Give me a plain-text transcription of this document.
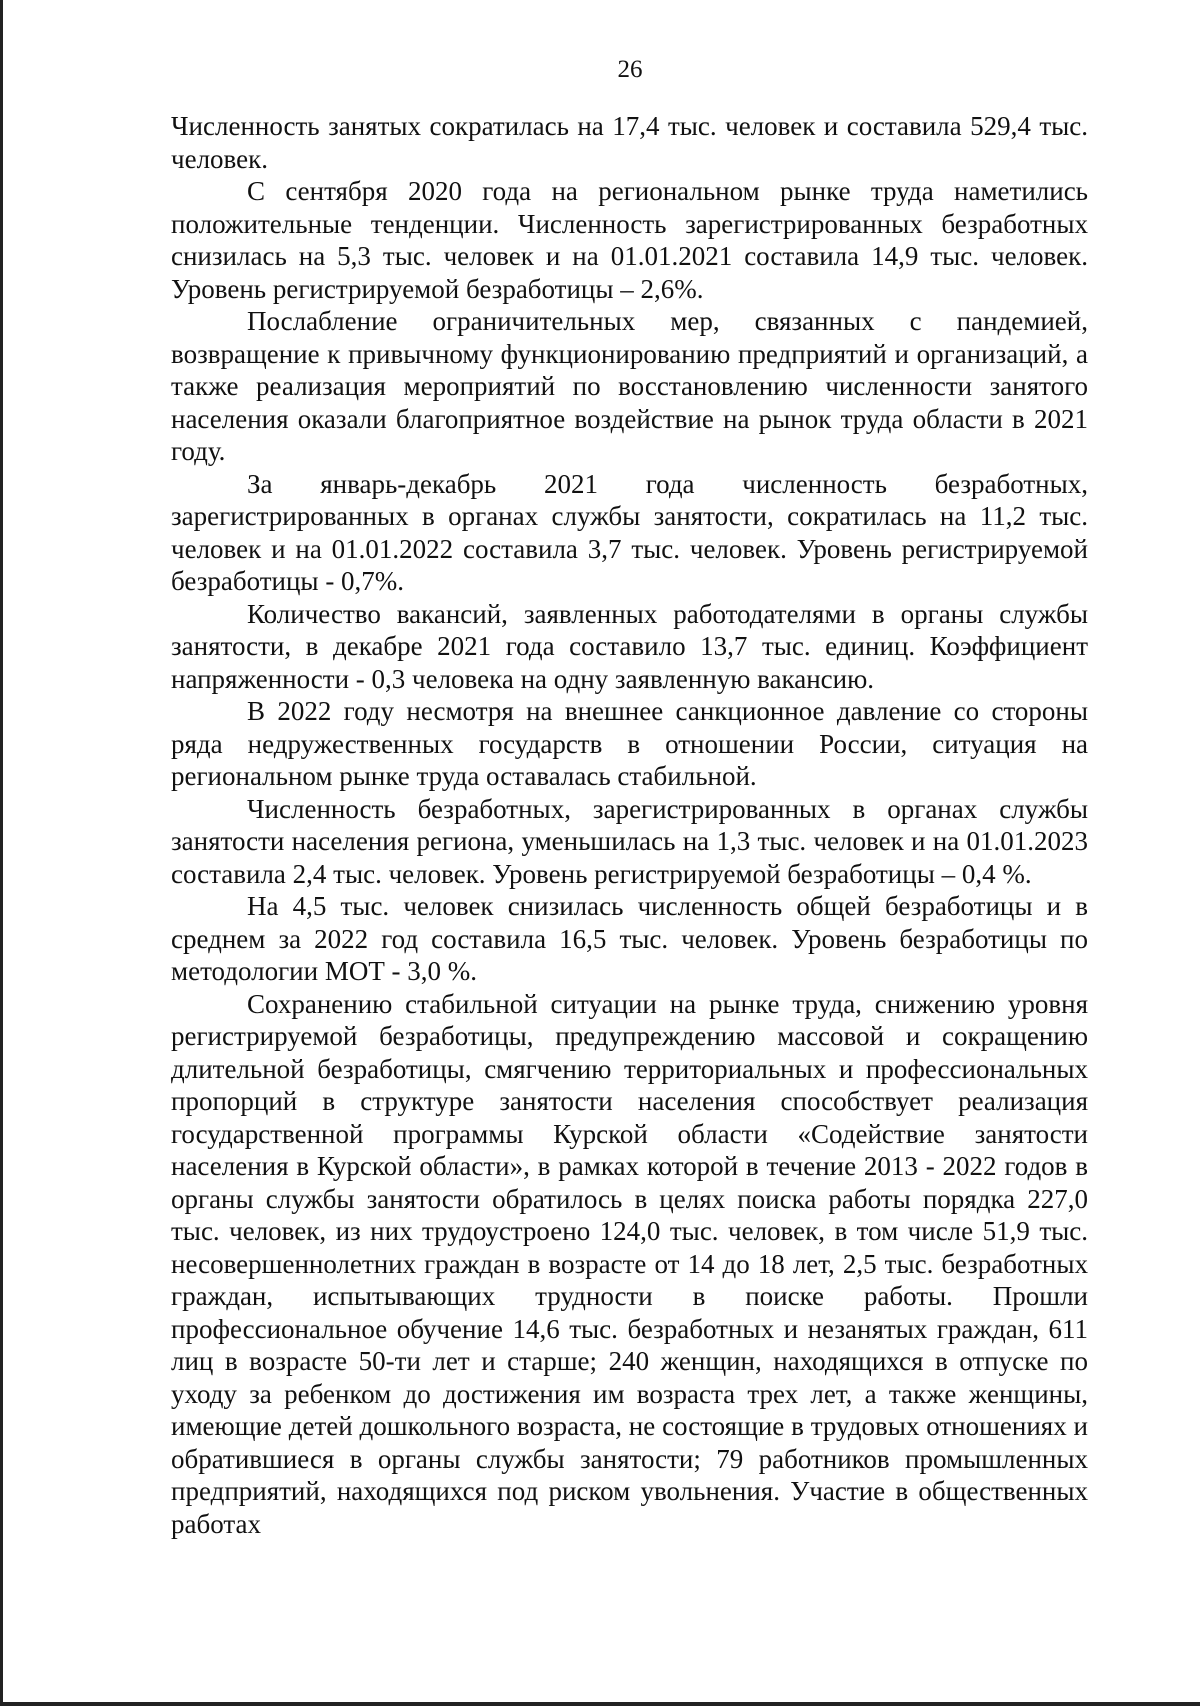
26

Численность занятых сократилась на 17,4 тыс. человек и составила 529,4 тыс. человек.

С сентября 2020 года на региональном рынке труда наметились положительные тенденции. Численность зарегистрированных безработных снизилась на 5,3 тыс. человек и на 01.01.2021 составила 14,9 тыс. человек. Уровень регистрируемой безработицы – 2,6%.

Послабление ограничительных мер, связанных с пандемией, возвращение к привычному функционированию предприятий и организаций, а также реализация мероприятий по восстановлению численности занятого населения оказали благоприятное воздействие на рынок труда области в 2021 году.

За январь-декабрь 2021 года численность безработных, зарегистрированных в органах службы занятости, сократилась на 11,2 тыс. человек и на 01.01.2022 составила 3,7 тыс. человек. Уровень регистрируемой безработицы - 0,7%.

Количество вакансий, заявленных работодателями в органы службы занятости, в декабре 2021 года составило 13,7 тыс. единиц. Коэффициент напряженности - 0,3 человека на одну заявленную вакансию.

В 2022 году несмотря на внешнее санкционное давление со стороны ряда недружественных государств в отношении России, ситуация на региональном рынке труда оставалась стабильной.

Численность безработных, зарегистрированных в органах службы занятости населения региона, уменьшилась на 1,3 тыс. человек и на 01.01.2023 составила 2,4 тыс. человек. Уровень регистрируемой безработицы – 0,4 %.

На 4,5 тыс. человек снизилась численность общей безработицы и в среднем за 2022 год составила 16,5 тыс. человек. Уровень безработицы по методологии МОТ - 3,0 %.

Сохранению стабильной ситуации на рынке труда, снижению уровня регистрируемой безработицы, предупреждению массовой и сокращению длительной безработицы, смягчению территориальных и профессиональных пропорций в структуре занятости населения способствует реализация государственной программы Курской области «Содействие занятости населения в Курской области», в рамках которой в течение 2013 - 2022 годов в органы службы занятости обратилось в целях поиска работы порядка 227,0 тыс. человек, из них трудоустроено 124,0 тыс. человек, в том числе 51,9 тыс. несовершеннолетних граждан в возрасте от 14 до 18 лет, 2,5 тыс. безработных граждан, испытывающих трудности в поиске работы. Прошли профессиональное обучение 14,6 тыс. безработных и незанятых граждан, 611 лиц в возрасте 50-ти лет и старше; 240 женщин, находящихся в отпуске по уходу за ребенком до достижения им возраста трех лет, а также женщины, имеющие детей дошкольного возраста, не состоящие в трудовых отношениях и обратившиеся в органы службы занятости; 79 работников промышленных предприятий, находящихся под риском увольнения. Участие в общественных работах
